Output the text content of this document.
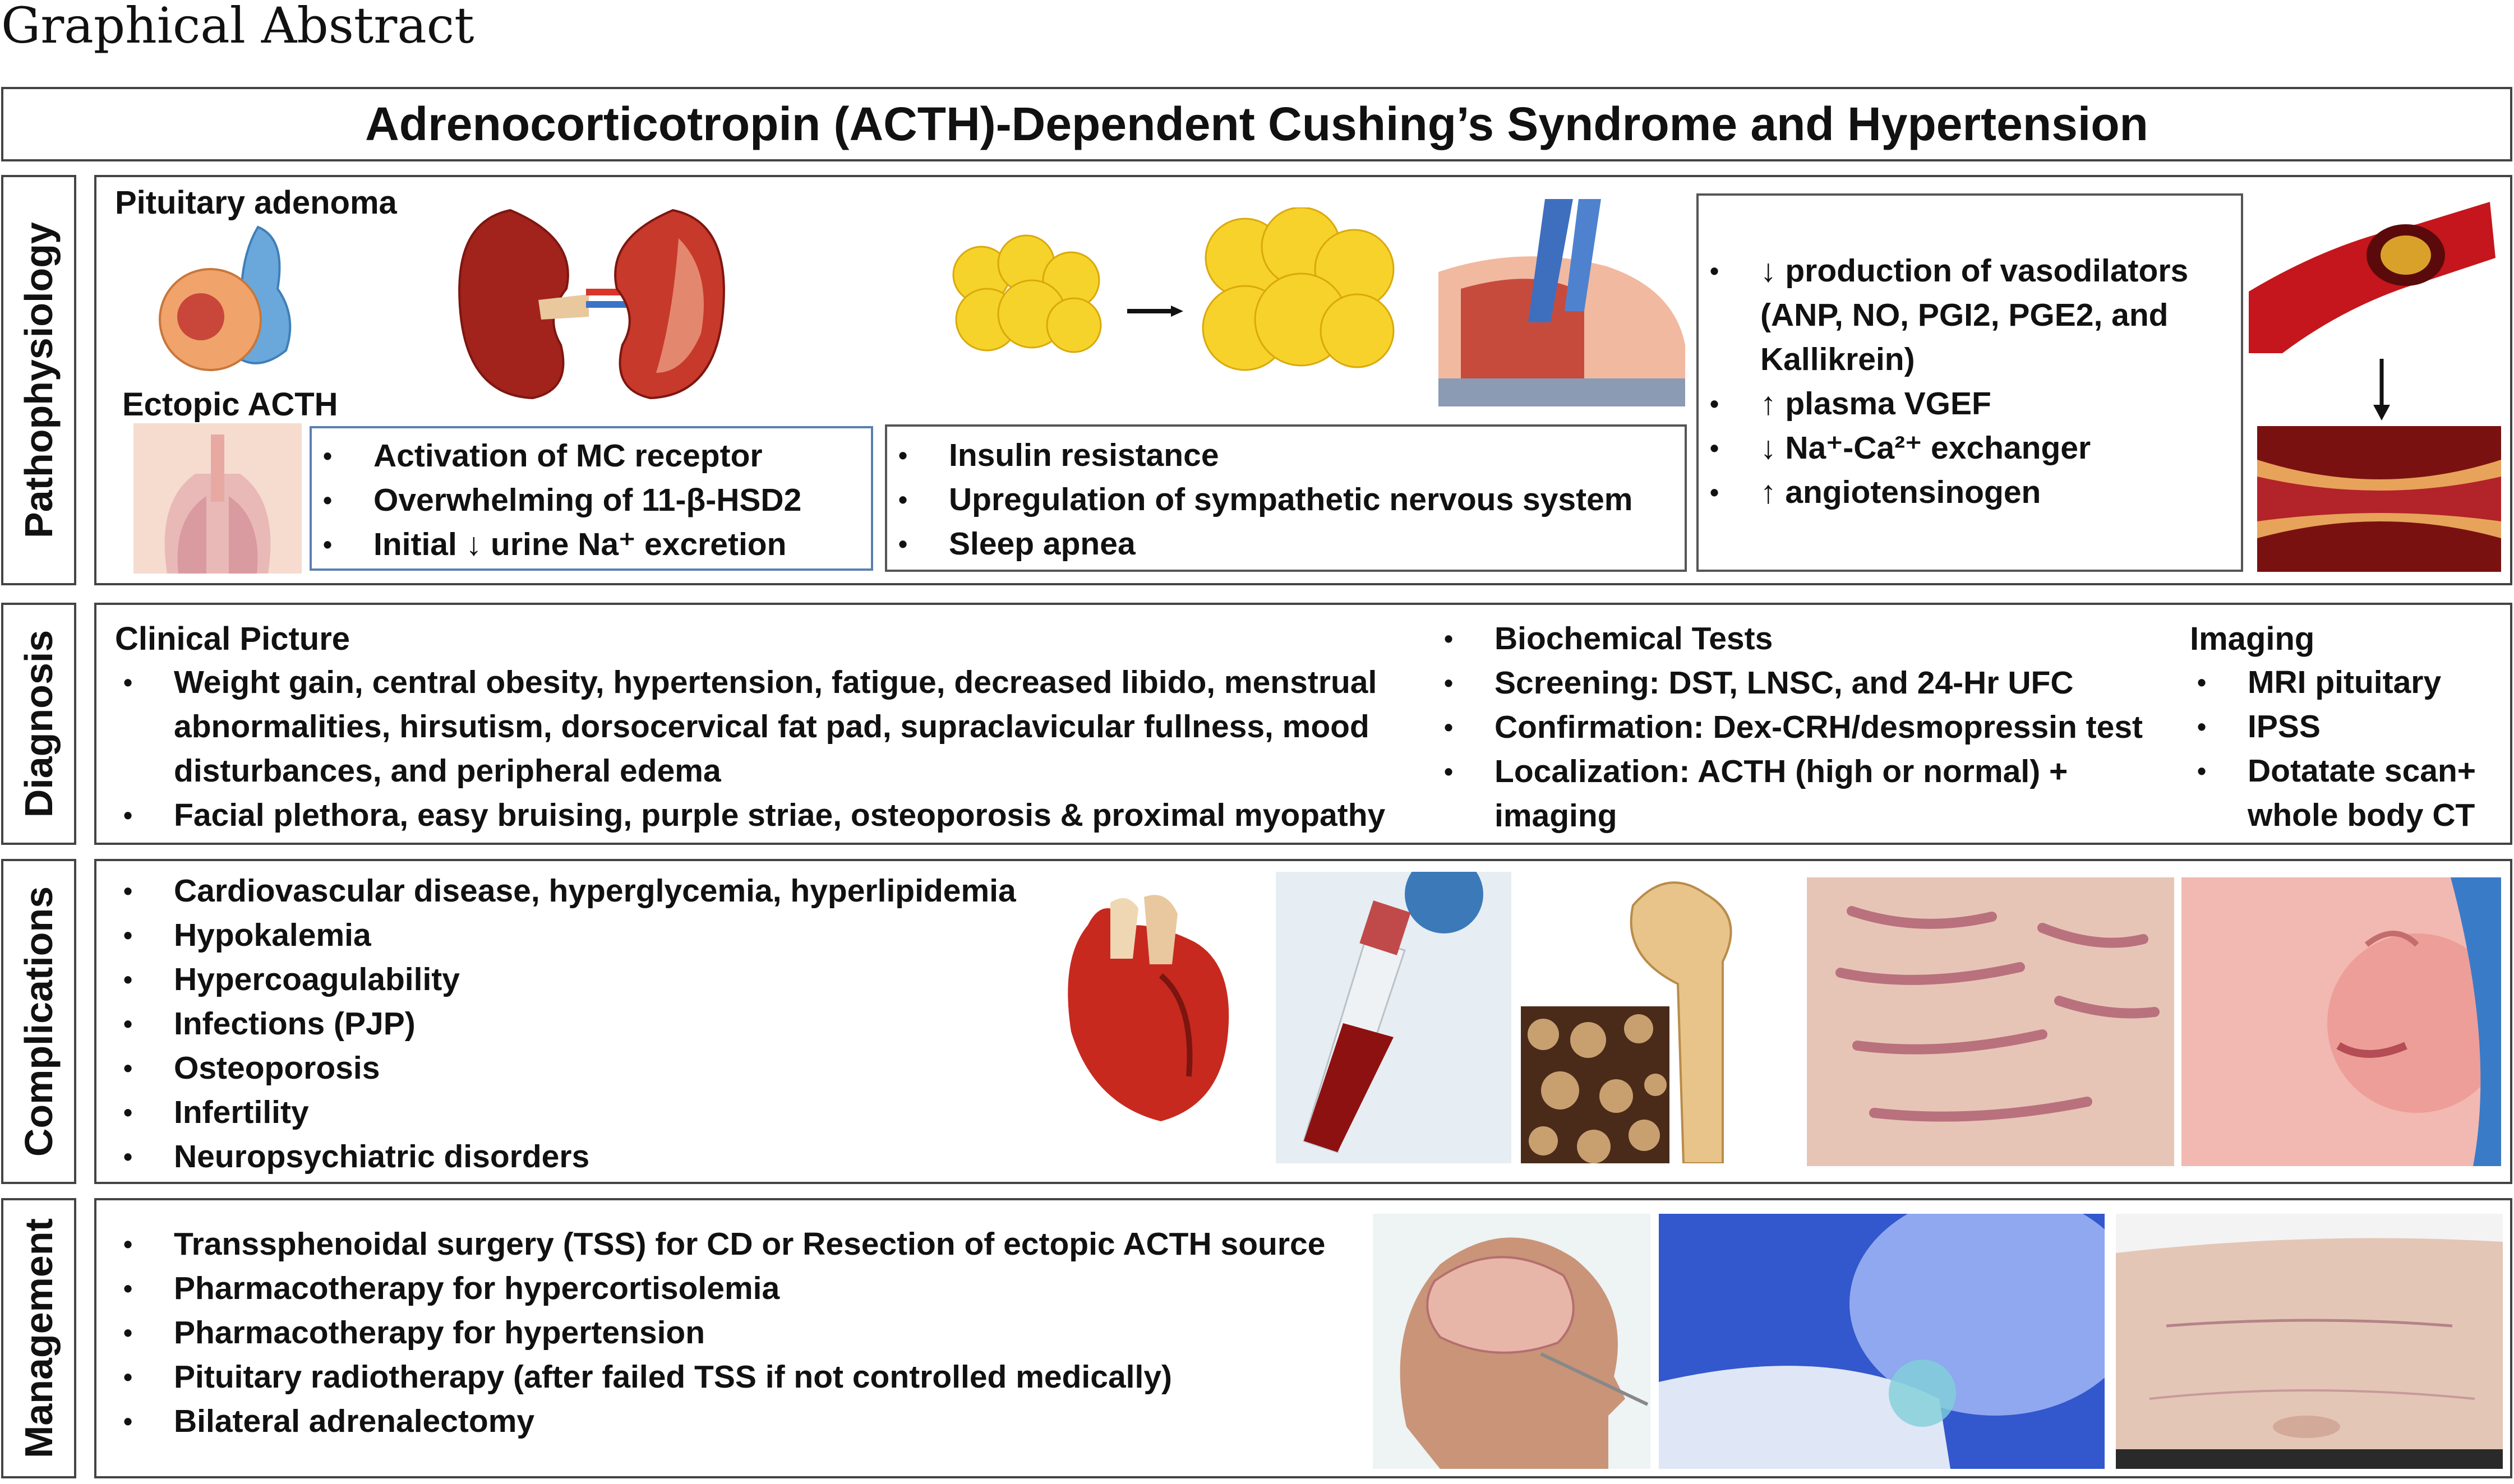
Graphical Abstract
Adrenocorticotropin (ACTH)-Dependent Cushing’s Syndrome and Hypertension
Pathophysiology
Pituitary adenoma
Ectopic ACTH
• Activation of MC receptor
• Overwhelming of 11-β-HSD2
• Initial ↓ urine Na⁺ excretion
• Insulin resistance
• Upregulation of sympathetic nervous system
• Sleep apnea
• ↓ production of vasodilators (ANP, NO, PGI2, PGE2, and Kallikrein)
• ↑ plasma VGEF
• ↓ Na⁺-Ca²⁺ exchanger
• ↑ angiotensinogen
Diagnosis Clinical Picture
• Weight gain, central obesity, hypertension, fatigue, decreased libido, menstrual abnormalities, hirsutism, dorsocervical fat pad, supraclavicular fullness, mood disturbances, and peripheral edema
• Facial plethora, easy bruising, purple striae, osteoporosis & proximal myopathy
• Biochemical Tests
• Screening: DST, LNSC, and 24-Hr UFC
• Confirmation: Dex-CRH/desmopressin test
• Localization: ACTH (high or normal) + imaging
Imaging
• MRI pituitary
• IPSS
• Dotatate scan+ whole body CT
Complications	• Cardiovascular disease, hyperglycemia, hyperlipidemia
• Hypokalemia
• Hypercoagulability
• Infections (PJP)
• Osteoporosis
• Infertility
• Neuropsychiatric disorders
Management	• Transsphenoidal surgery (TSS) for CD or Resection of ectopic ACTH source
• Pharmacotherapy for hypercortisolemia
• Pharmacotherapy for hypertension
• Pituitary radiotherapy (after failed TSS if not controlled medically)
• Bilateral adrenalectomy
